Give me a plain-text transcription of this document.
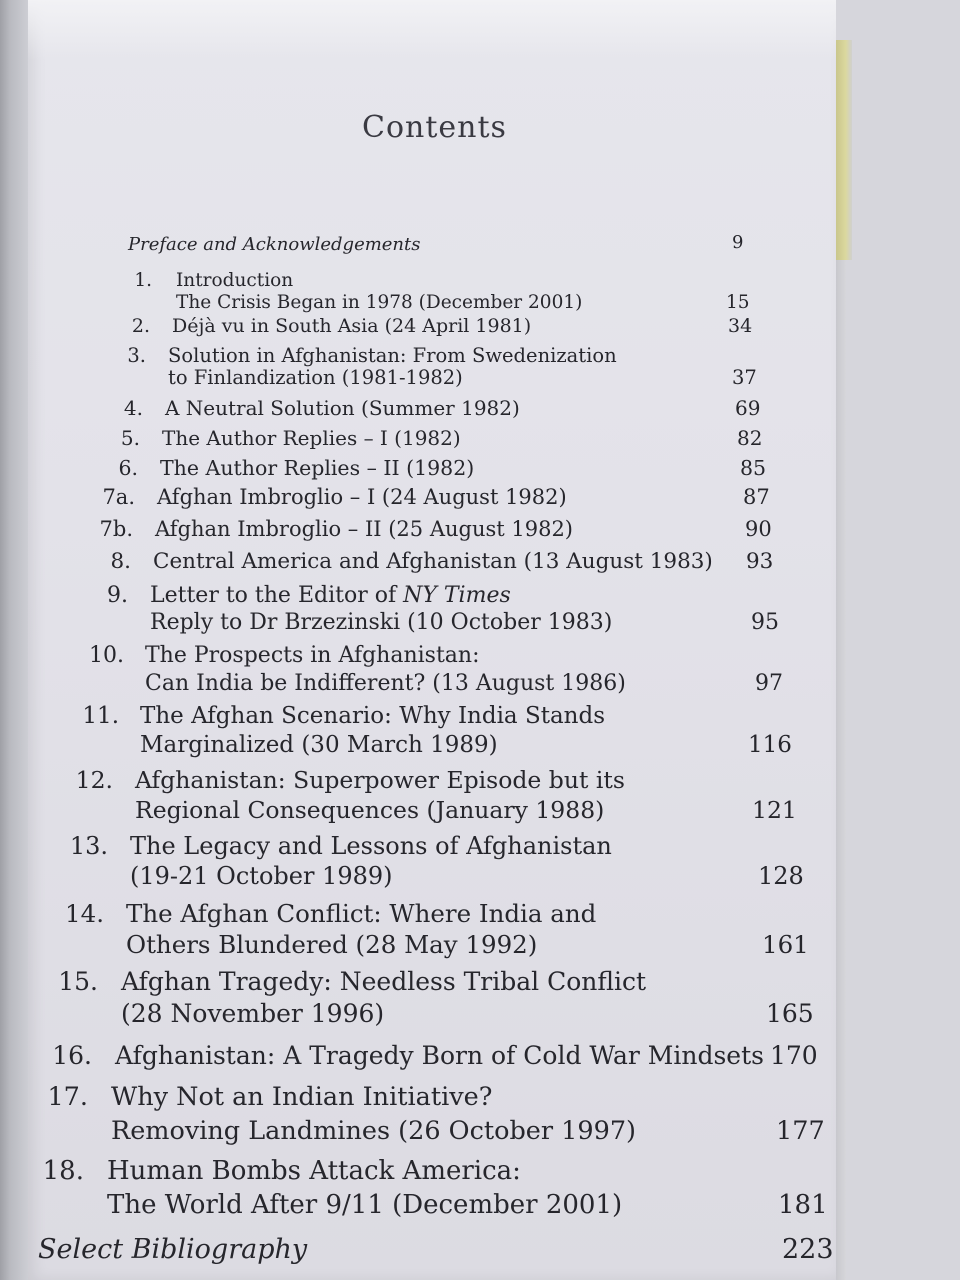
Contents
Preface and Acknowledgements	9
1. Introduction
The Crisis Began in 1978 (December 2001)	15
2. Déjà vu in South Asia (24 April 1981)	34
3. Solution in Afghanistan: From Swedenization
to Finlandization (1981-1982)	37
4. A Neutral Solution (Summer 1982)	69
5. The Author Replies – I (1982)	82
6. The Author Replies – II (1982)	85
7a. Afghan Imbroglio – I (24 August 1982)	87
7b. Afghan Imbroglio – II (25 August 1982)	90
8. Central America and Afghanistan (13 August 1983) 93
9. Letter to the Editor of NY Times
Reply to Dr Brzezinski (10 October 1983)	95
10. The Prospects in Afghanistan:
Can India be Indifferent? (13 August 1986)	97
11. The Afghan Scenario: Why India Stands
Marginalized (30 March 1989)	116
12. Afghanistan: Superpower Episode but its
Regional Consequences (January 1988)	121
13. The Legacy and Lessons of Afghanistan
(19-21 October 1989)	128
14. The Afghan Conflict: Where India and
Others Blundered (28 May 1992)	161
15. Afghan Tragedy: Needless Tribal Conflict
(28 November 1996)	165
16. Afghanistan: A Tragedy Born of Cold War Mindsets 170
17. Why Not an Indian Initiative?
Removing Landmines (26 October 1997)	177
18. Human Bombs Attack America:
The World After 9/11 (December 2001)	181
Select Bibliography	223
